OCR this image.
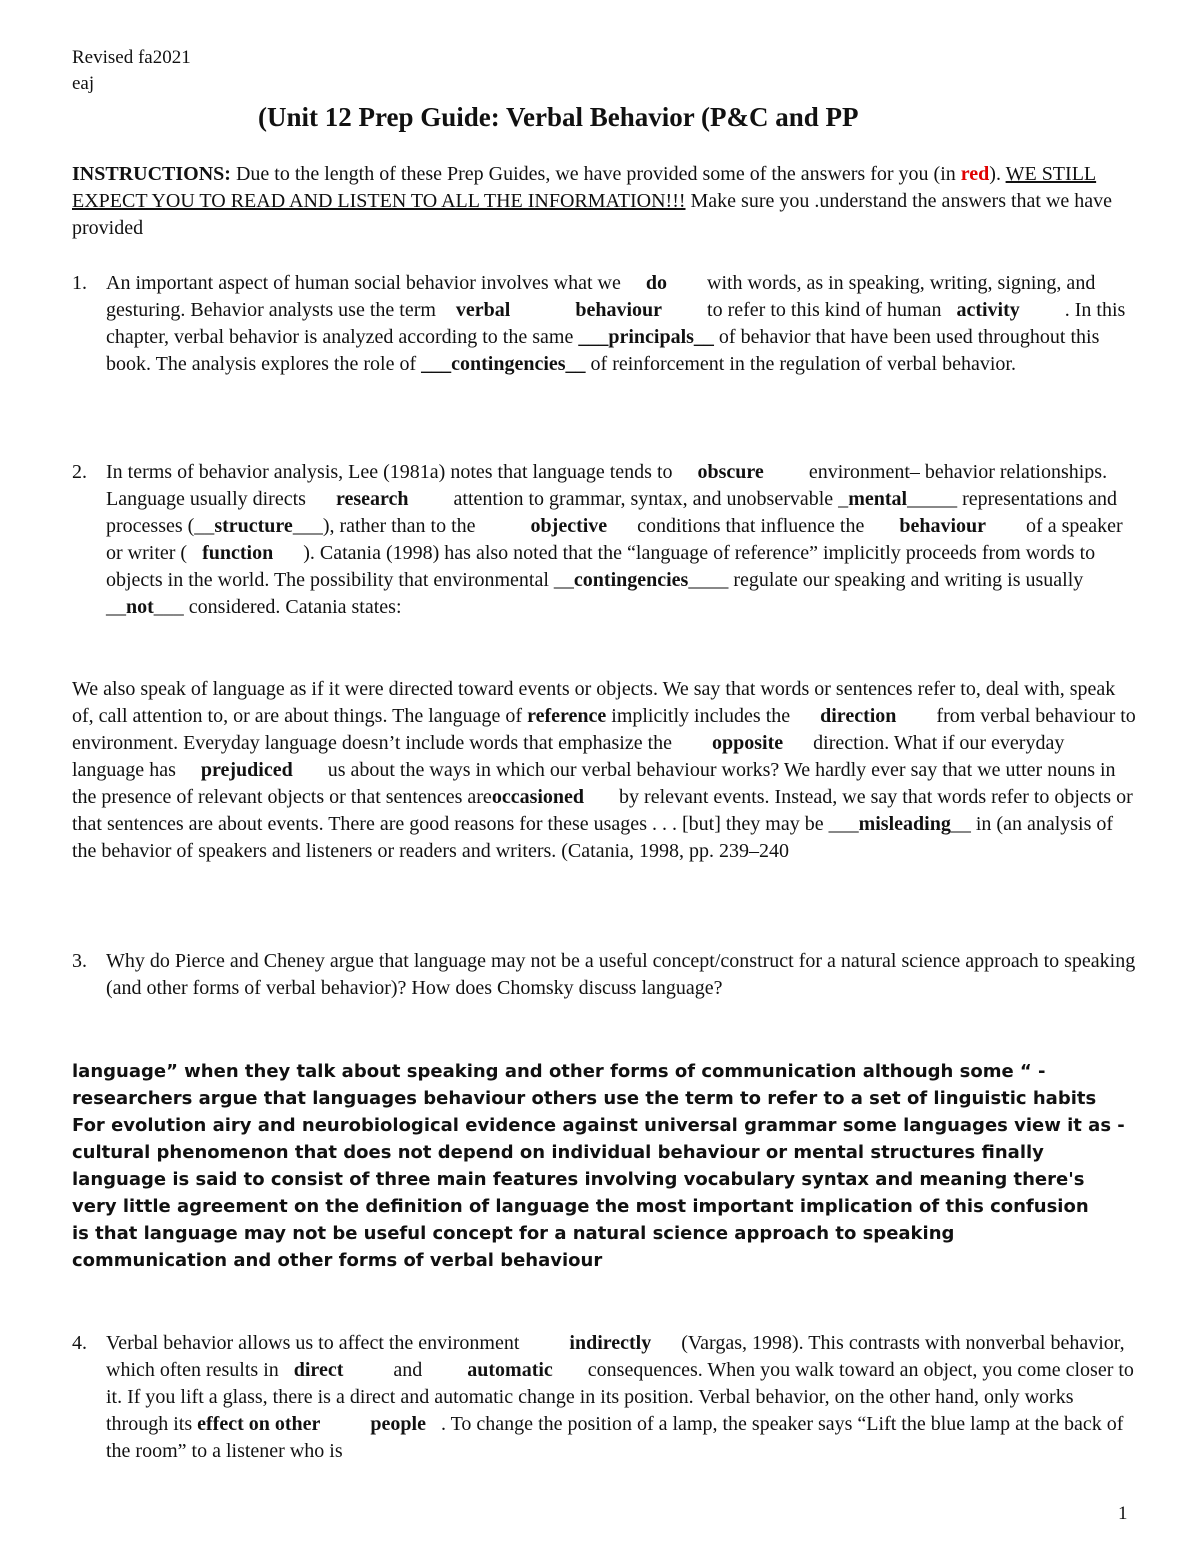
Revised fa2021
eaj
(Unit 12 Prep Guide: Verbal Behavior (P&C and PP
INSTRUCTIONS: Due to the length of these Prep Guides, we have provided some of the answers for you (in red). WE STILL EXPECT YOU TO READ AND LISTEN TO ALL THE INFORMATION!!! Make sure you .understand the answers that we have provided
1. An important aspect of human social behavior involves what we do with words, as in speaking, writing, signing, and gesturing. Behavior analysts use the term verbal	behaviour to refer to this kind of human activity . In this chapter, verbal behavior is analyzed according to the same ___principals__ of behavior that have been used throughout this book. The analysis explores the role of ___contingencies__ of reinforcement in the regulation of verbal behavior.
2. In terms of behavior analysis, Lee (1981a) notes that language tends to obscure environment– behavior relationships. Language usually directs research attention to grammar, syntax, and unobservable _mental_____ representations and processes (__structure___), rather than to the	objective conditions that influence the behaviour of a speaker or writer ( function ). Catania (1998) has also noted that the “language of reference” implicitly proceeds from words to objects in the world. The possibility that environmental __contingencies____ regulate our speaking and writing is usually __not___ considered. Catania states:
We also speak of language as if it were directed toward events or objects. We say that words or sentences refer to, deal with, speak of, call attention to, or are about things. The language of reference implicitly includes the direction from verbal behaviour to environment. Everyday language doesn’t include words that emphasize the opposite direction. What if our everyday language has prejudiced us about the ways in which our verbal behaviour works? We hardly ever say that we utter nouns in the presence of relevant objects or that sentences areoccasioned by relevant events. Instead, we say that words refer to objects or that sentences are about events. There are good reasons for these usages . . . [but] they may be ___misleading__ in (an analysis of the behavior of speakers and listeners or readers and writers. (Catania, 1998, pp. 239–240
3. Why do Pierce and Cheney argue that language may not be a useful concept/construct for a natural science approach to speaking (and other forms of verbal behavior)? How does Chomsky discuss language?
language” when they talk about speaking and other forms of communication although some “ -
researchers argue that languages behaviour others use the term to refer to a set of linguistic habits
For evolution airy and neurobiological evidence against universal grammar some languages view it as -
cultural phenomenon that does not depend on individual behaviour or mental structures finally
language is said to consist of three main features involving vocabulary syntax and meaning there's
very little agreement on the definition of language the most important implication of this confusion
is that language may not be useful concept for a natural science approach to speaking
communication and other forms of verbal behaviour
4. Verbal behavior allows us to affect the environment	indirectly (Vargas, 1998). This contrasts with nonverbal behavior, which often results in direct	and automatic consequences. When you walk toward an object, you come closer to it. If you lift a glass, there is a direct and automatic change in its position. Verbal behavior, on the other hand, only works through its effect on other	people . To change the position of a lamp, the speaker says “Lift the blue lamp at the back of the room” to a listener who is
1
